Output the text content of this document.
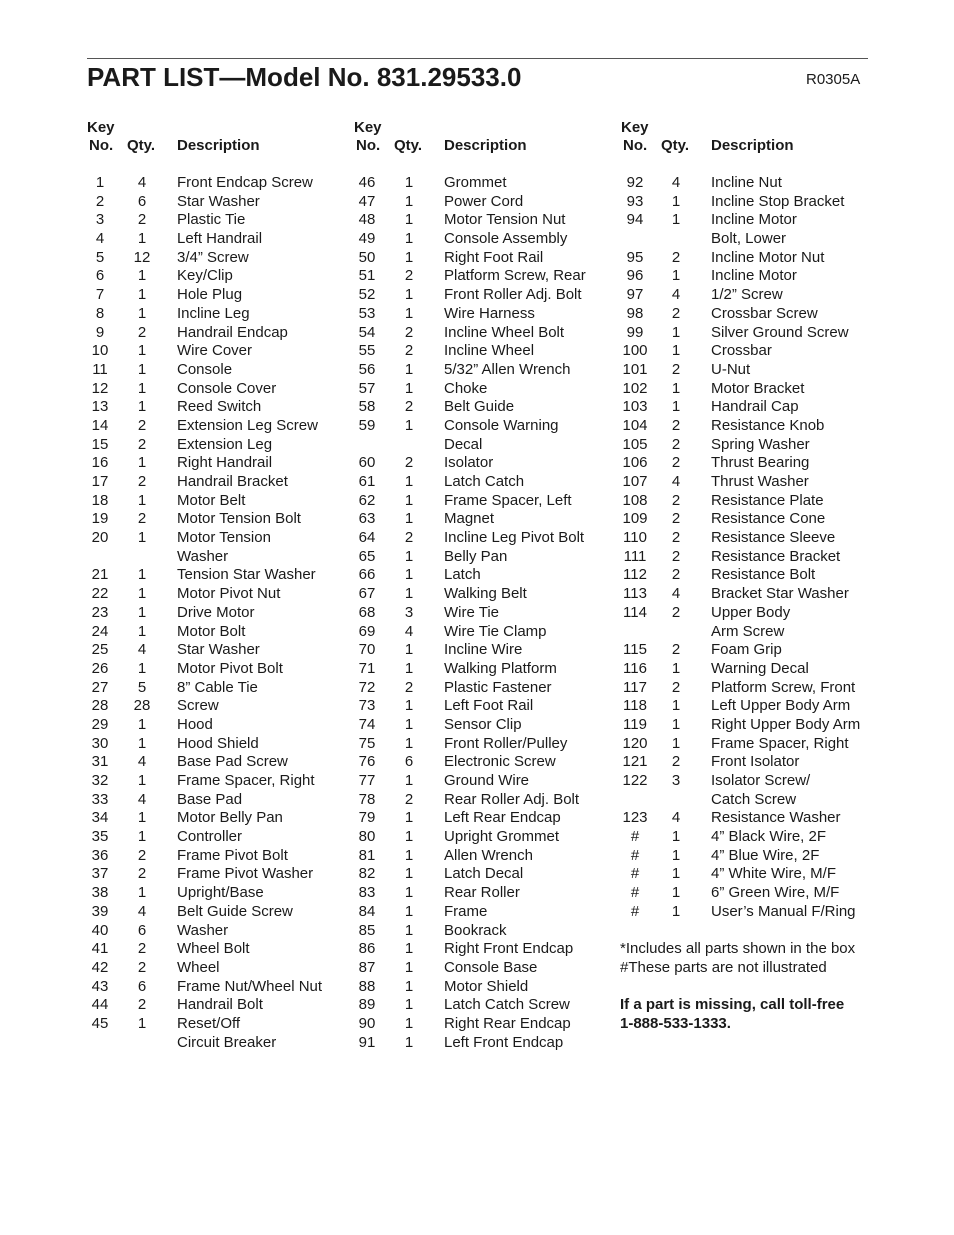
PART LIST—Model No. 831.29533.0	R0305A
Key
No. Qty. Description
1	4	Front Endcap Screw
2	6	Star Washer
3	2	Plastic Tie
4	1	Left Handrail
5	12	3/4” Screw
6	1	Key/Clip
7	1	Hole Plug
8	1	Incline Leg
9	2	Handrail Endcap
10	1	Wire Cover
11	1	Console
12	1	Console Cover
13	1	Reed Switch
14	2	Extension Leg Screw
15	2	Extension Leg
16	1	Right Handrail
17	2	Handrail Bracket
18	1	Motor Belt
19	2	Motor Tension Bolt
20	1	Motor Tension
Washer
21	1	Tension Star Washer
22	1	Motor Pivot Nut
23	1	Drive Motor
24	1	Motor Bolt
25	4	Star Washer
26	1	Motor Pivot Bolt
27	5	8” Cable Tie
28	28	Screw
29	1	Hood
30	1	Hood Shield
31	4	Base Pad Screw
32	1	Frame Spacer, Right
33	4	Base Pad
34	1	Motor Belly Pan
35	1	Controller
36	2	Frame Pivot Bolt
37	2	Frame Pivot Washer
38	1	Upright/Base
39	4	Belt Guide Screw
40	6	Washer
41	2	Wheel Bolt
42	2	Wheel
43	6	Frame Nut/Wheel Nut
44	2	Handrail Bolt
45	1	Reset/Off
Circuit Breaker
Key
No. Qty. Description
46	1	Grommet
47	1	Power Cord
48	1	Motor Tension Nut
49	1	Console Assembly
50	1	Right Foot Rail
51	2	Platform Screw, Rear
52	1	Front Roller Adj. Bolt
53	1	Wire Harness
54	2	Incline Wheel Bolt
55	2	Incline Wheel
56	1	5/32” Allen Wrench
57	1	Choke
58	2	Belt Guide
59	1	Console Warning
Decal
60	2	Isolator
61	1	Latch Catch
62	1	Frame Spacer, Left
63	1	Magnet
64	2	Incline Leg Pivot Bolt
65	1	Belly Pan
66	1	Latch
67	1	Walking Belt
68	3	Wire Tie
69	4	Wire Tie Clamp
70	1	Incline Wire
71	1	Walking Platform
72	2	Plastic Fastener
73	1	Left Foot Rail
74	1	Sensor Clip
75	1	Front Roller/Pulley
76	6	Electronic Screw
77	1	Ground Wire
78	2	Rear Roller Adj. Bolt
79	1	Left Rear Endcap
80	1	Upright Grommet
81	1	Allen Wrench
82	1	Latch Decal
83	1	Rear Roller
84	1	Frame
85	1	Bookrack
86	1	Right Front Endcap
87	1	Console Base
88	1	Motor Shield
89	1	Latch Catch Screw
90	1	Right Rear Endcap
91	1	Left Front Endcap
Key
No. Qty. Description
92	4	Incline Nut
93	1	Incline Stop Bracket
94	1	Incline Motor
Bolt, Lower
95	2	Incline Motor Nut
96	1	Incline Motor
97	4	1/2” Screw
98	2	Crossbar Screw
99	1	Silver Ground Screw
100	1	Crossbar
101	2	U-Nut
102	1	Motor Bracket
103	1	Handrail Cap
104	2	Resistance Knob
105	2	Spring Washer
106	2	Thrust Bearing
107	4	Thrust Washer
108	2	Resistance Plate
109	2	Resistance Cone
110	2	Resistance Sleeve
111	2	Resistance Bracket
112	2	Resistance Bolt
113	4	Bracket Star Washer
114	2	Upper Body
Arm Screw
115	2	Foam Grip
116	1	Warning Decal
117	2	Platform Screw, Front
118	1	Left Upper Body Arm
119	1	Right Upper Body Arm
120	1	Frame Spacer, Right
121	2	Front Isolator
122	3	Isolator Screw/
Catch Screw
123	4	Resistance Washer
#	1	4” Black Wire, 2F
#	1	4” Blue Wire, 2F
#	1	4” White Wire, M/F
#	1	6” Green Wire, M/F
#	1	User’s Manual F/Ring
*Includes all parts shown in the box
#These parts are not illustrated
If a part is missing, call toll-free
1-888-533-1333.
